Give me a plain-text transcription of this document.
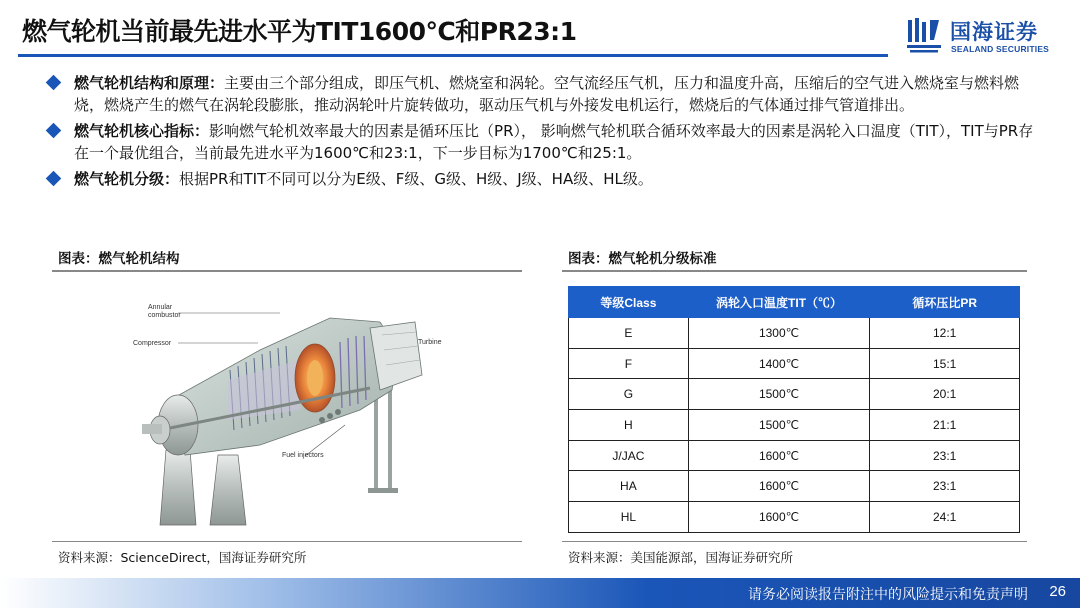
燃气轮机当前最先进水平为TIT1600℃和PR23:1	国海证券
SEALAND SECURITIES
燃气轮机结构和原理：主要由三个部分组成，即压气机、燃烧室和涡轮。空气流经压气机，压力和温度升高，压缩后的空气进入燃烧室与燃料燃烧，燃烧产生的燃气在涡轮段膨胀，推动涡轮叶片旋转做功，驱动压气机与外接发电机运行，燃烧后的气体通过排气管道排出。
燃气轮机核心指标：影响燃气轮机效率最大的因素是循环压比（PR）， 影响燃气轮机联合循环效率最大的因素是涡轮入口温度（TIT），TIT与PR存在一个最优组合，当前最先进水平为1600℃和23:1，下一步目标为1700℃和25:1。
燃气轮机分级：根据PR和TIT不同可以分为E级、F级、G级、H级、J级、HA级、HL级。
图表：燃气轮机结构
Annular
combustor
Compressor	Turbine
Fuel injectors
资料来源：ScienceDirect，国海证券研究所
图表：燃气轮机分级标准
等级Class	涡轮入口温度TIT（℃）	循环压比PR
E	1300℃	12:1
F	1400℃	15:1
G	1500℃	20:1
H	1500℃	21:1
J/JAC	1600℃	23:1
HA	1600℃	23:1
HL	1600℃	24:1
资料来源：美国能源部，国海证券研究所
请务必阅读报告附注中的风险提示和免责声明 26
